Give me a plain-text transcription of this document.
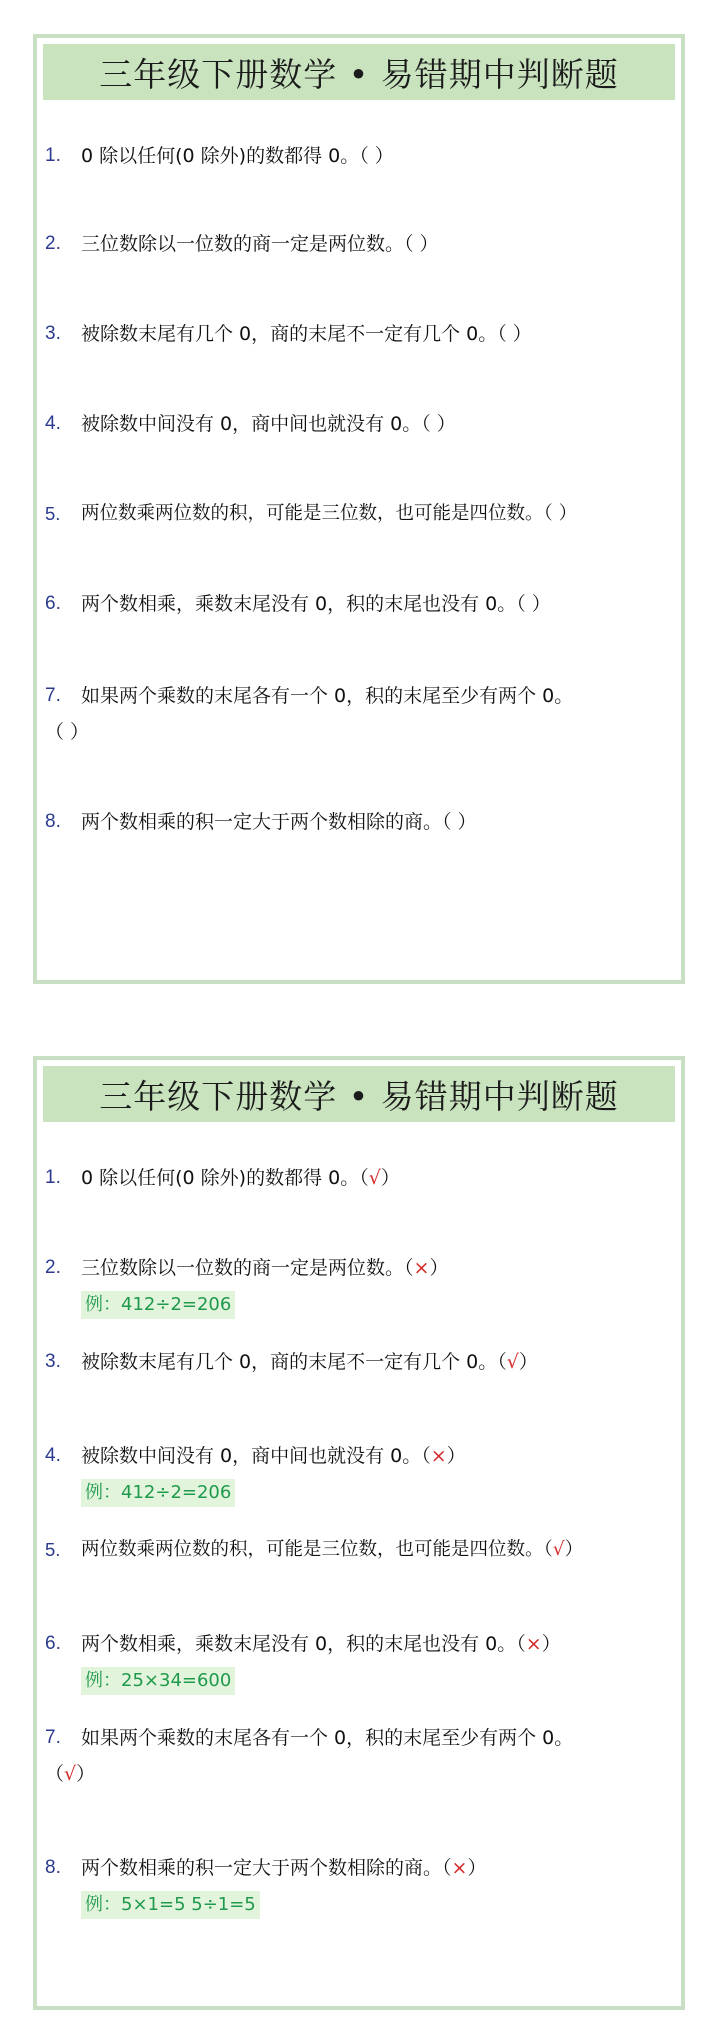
三年级下册数学 • 易错期中判断题
1. 0 除以任何(0 除外)的数都得 0。（ ）
2. 三位数除以一位数的商一定是两位数。（ ）
3. 被除数末尾有几个 0，商的末尾不一定有几个 0。（ ）
4. 被除数中间没有 0，商中间也就没有 0。（ ）
5. 两位数乘两位数的积，可能是三位数，也可能是四位数。（ ）
6. 两个数相乘，乘数末尾没有 0，积的末尾也没有 0。（ ）
7. 如果两个乘数的末尾各有一个 0，积的末尾至少有两个 0。
（ ）
8. 两个数相乘的积一定大于两个数相除的商。（ ）
三年级下册数学 • 易错期中判断题
1. 0 除以任何(0 除外)的数都得 0。（√）
2. 三位数除以一位数的商一定是两位数。（×）
例：412÷2=206
3. 被除数末尾有几个 0，商的末尾不一定有几个 0。（√）
4. 被除数中间没有 0，商中间也就没有 0。（×）
例：412÷2=206
5. 两位数乘两位数的积，可能是三位数，也可能是四位数。（√）
6. 两个数相乘，乘数末尾没有 0，积的末尾也没有 0。（×）
例：25×34=600
7. 如果两个乘数的末尾各有一个 0，积的末尾至少有两个 0。
（√）
8. 两个数相乘的积一定大于两个数相除的商。（×）
例：5×1=5 5÷1=5
